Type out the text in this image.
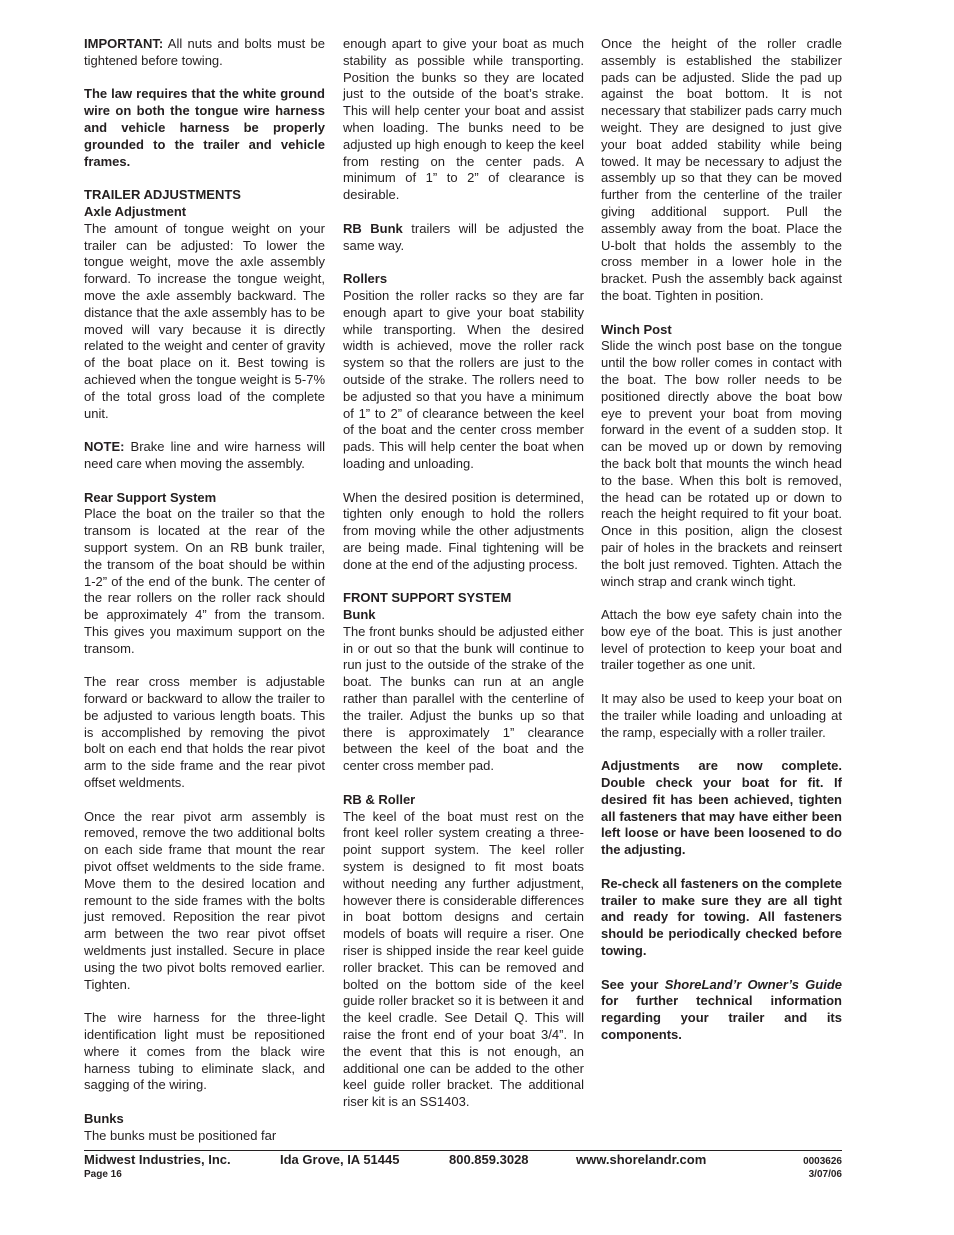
IMPORTANT: All nuts and bolts must be tightened before towing.

The law requires that the white ground wire on both the tongue wire harness and vehicle harness be properly grounded to the trailer and vehicle frames.

TRAILER ADJUSTMENTS
Axle Adjustment

The amount of tongue weight on your trailer can be adjusted: To lower the tongue weight, move the axle assembly forward. To increase the tongue weight, move the axle assembly backward. The distance that the axle assembly has to be moved will vary because it is directly related to the weight and center of gravity of the boat place on it. Best towing is achieved when the tongue weight is 5-7% of the total gross load of the complete unit.

NOTE: Brake line and wire harness will need care when moving the assembly.

Rear Support System

Place the boat on the trailer so that the transom is located at the rear of the support system. On an RB bunk trailer, the transom of the boat should be within 1-2” of the end of the bunk. The center of the rear rollers on the roller rack should be approximately 4” from the transom. This gives you maximum support on the transom.

The rear cross member is adjustable forward or backward to allow the trailer to be adjusted to various length boats. This is accomplished by removing the pivot bolt on each end that holds the rear pivot arm to the side frame and the rear pivot offset weldments.

Once the rear pivot arm assembly is removed, remove the two additional bolts on each side frame that mount the rear pivot offset weldments to the side frame. Move them to the desired location and remount to the side frames with the bolts just removed. Reposition the rear pivot arm between the two rear pivot offset weldments just installed. Secure in place using the two pivot bolts removed earlier. Tighten.

The wire harness for the three-light identification light must be repositioned where it comes from the black wire harness tubing to eliminate slack, and sagging of the wiring.

Bunks

The bunks must be positioned far

enough apart to give your boat as much stability as possible while transporting. Position the bunks so they are located just to the outside of the boat’s strake. This will help center your boat and assist when loading. The bunks need to be adjusted up high enough to keep the keel from resting on the center pads. A minimum of 1” to 2” of clearance is desirable.

RB Bunk trailers will be adjusted the same way.

Rollers

Position the roller racks so they are far enough apart to give your boat stability while transporting. When the desired width is achieved, move the roller rack system so that the rollers are just to the outside of the strake. The rollers need to be adjusted so that you have a minimum of 1” to 2” of clearance between the keel of the boat and the center cross member pads. This will help center the boat when loading and unloading.

When the desired position is determined, tighten only enough to hold the rollers from moving while the other adjustments are being made. Final tightening will be done at the end of the adjusting process.

FRONT SUPPORT SYSTEM
Bunk

The front bunks should be adjusted either in or out so that the bunk will continue to run just to the outside of the strake of the boat. The bunks can run at an angle rather than parallel with the centerline of the trailer. Adjust the bunks up so that there is approximately 1” clearance between the keel of the boat and the center cross member pad.

RB & Roller

The keel of the boat must rest on the front keel roller system creating a three-point support system. The keel roller system is designed to fit most boats without needing any further adjustment, however there is considerable differences in boat bottom designs and certain models of boats will require a riser. One riser is shipped inside the rear keel guide roller bracket. This can be removed and bolted on the bottom side of the keel guide roller bracket so it is between it and the keel cradle. See Detail Q. This will raise the front end of your boat 3/4”. In the event that this is not enough, an additional one can be added to the other keel guide roller bracket. The additional riser kit is an SS1403.

Once the height of the roller cradle assembly is established the stabilizer pads can be adjusted. Slide the pad up against the boat bottom. It is not necessary that stabilizer pads carry much weight. They are designed to just give your boat added stability while being towed. It may be necessary to adjust the assembly up so that they can be moved further from the centerline of the trailer giving additional support. Pull the assembly away from the boat. Place the U-bolt that holds the assembly to the cross member in a lower hole in the bracket. Push the assembly back against the boat. Tighten in position.

Winch Post

Slide the winch post base on the tongue until the bow roller comes in contact with the boat. The bow roller needs to be positioned directly above the boat bow eye to prevent your boat from moving forward in the event of a sudden stop. It can be moved up or down by removing the back bolt that mounts the winch head to the base. When this bolt is removed, the head can be rotated up or down to reach the height required to fit your boat. Once in this position, align the closest pair of holes in the brackets and reinsert the bolt just removed. Tighten. Attach the winch strap and crank winch tight.

Attach the bow eye safety chain into the bow eye of the boat. This is just another level of protection to keep your boat and trailer together as one unit.

It may also be used to keep your boat on the trailer while loading and unloading at the ramp, especially with a roller trailer.

Adjustments are now complete. Double check your boat for fit. If desired fit has been achieved, tighten all fasteners that may have either been left loose or have been loosened to do the adjusting.

Re-check all fasteners on the complete trailer to make sure they are all tight and ready for towing. All fasteners should be periodically checked before towing.

See your ShoreLand’r Owner’s Guide for further technical information regarding your trailer and its components.

Midwest Industries, Inc.	Ida Grove, IA 51445	800.859.3028	www.shorelandr.com
Page 16
0003626
3/07/06
